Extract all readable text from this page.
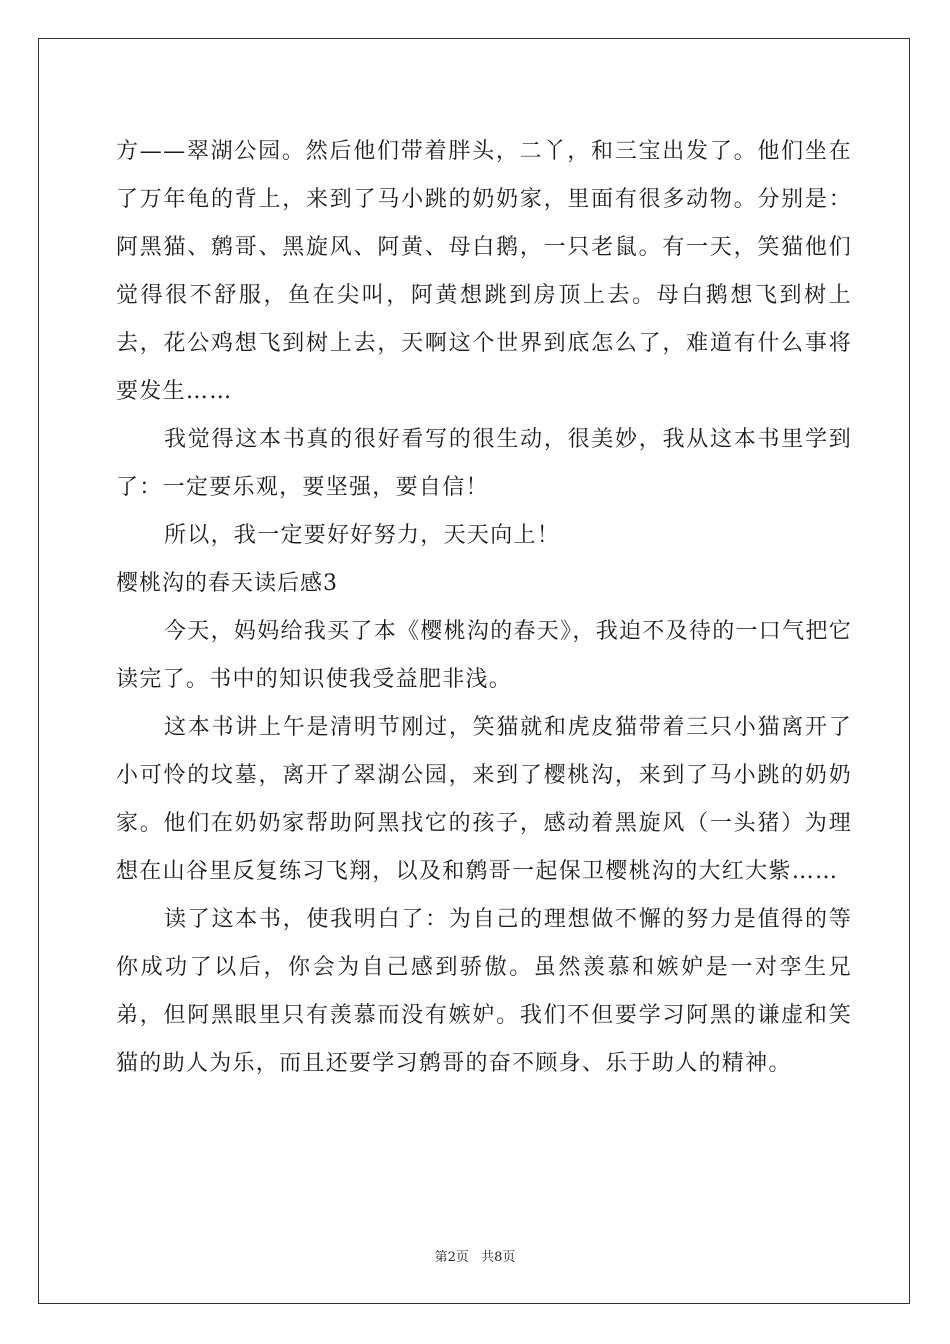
方——翠湖公园。然后他们带着胖头，二丫，和三宝出发了。他们坐在了万年龟的背上，来到了马小跳的奶奶家，里面有很多动物。分别是：阿黑猫、鹩哥、黑旋风、阿黄、母白鹅，一只老鼠。有一天，笑猫他们觉得很不舒服，鱼在尖叫，阿黄想跳到房顶上去。母白鹅想飞到树上去，花公鸡想飞到树上去，天啊这个世界到底怎么了，难道有什么事将要发生……

我觉得这本书真的很好看写的很生动，很美妙，我从这本书里学到了：一定要乐观，要坚强，要自信！

所以，我一定要好好努力，天天向上！

樱桃沟的春天读后感3

今天，妈妈给我买了本《樱桃沟的春天》，我迫不及待的一口气把它读完了。书中的知识使我受益肥非浅。

这本书讲上午是清明节刚过，笑猫就和虎皮猫带着三只小猫离开了小可怜的坟墓，离开了翠湖公园，来到了樱桃沟，来到了马小跳的奶奶家。他们在奶奶家帮助阿黑找它的孩子，感动着黑旋风（一头猪）为理想在山谷里反复练习飞翔，以及和鹩哥一起保卫樱桃沟的大红大紫……

读了这本书，使我明白了：为自己的理想做不懈的努力是值得的等你成功了以后，你会为自己感到骄傲。虽然羡慕和嫉妒是一对孪生兄弟，但阿黑眼里只有羡慕而没有嫉妒。我们不但要学习阿黑的谦虚和笑猫的助人为乐，而且还要学习鹩哥的奋不顾身、乐于助人的精神。

第2页 共8页
